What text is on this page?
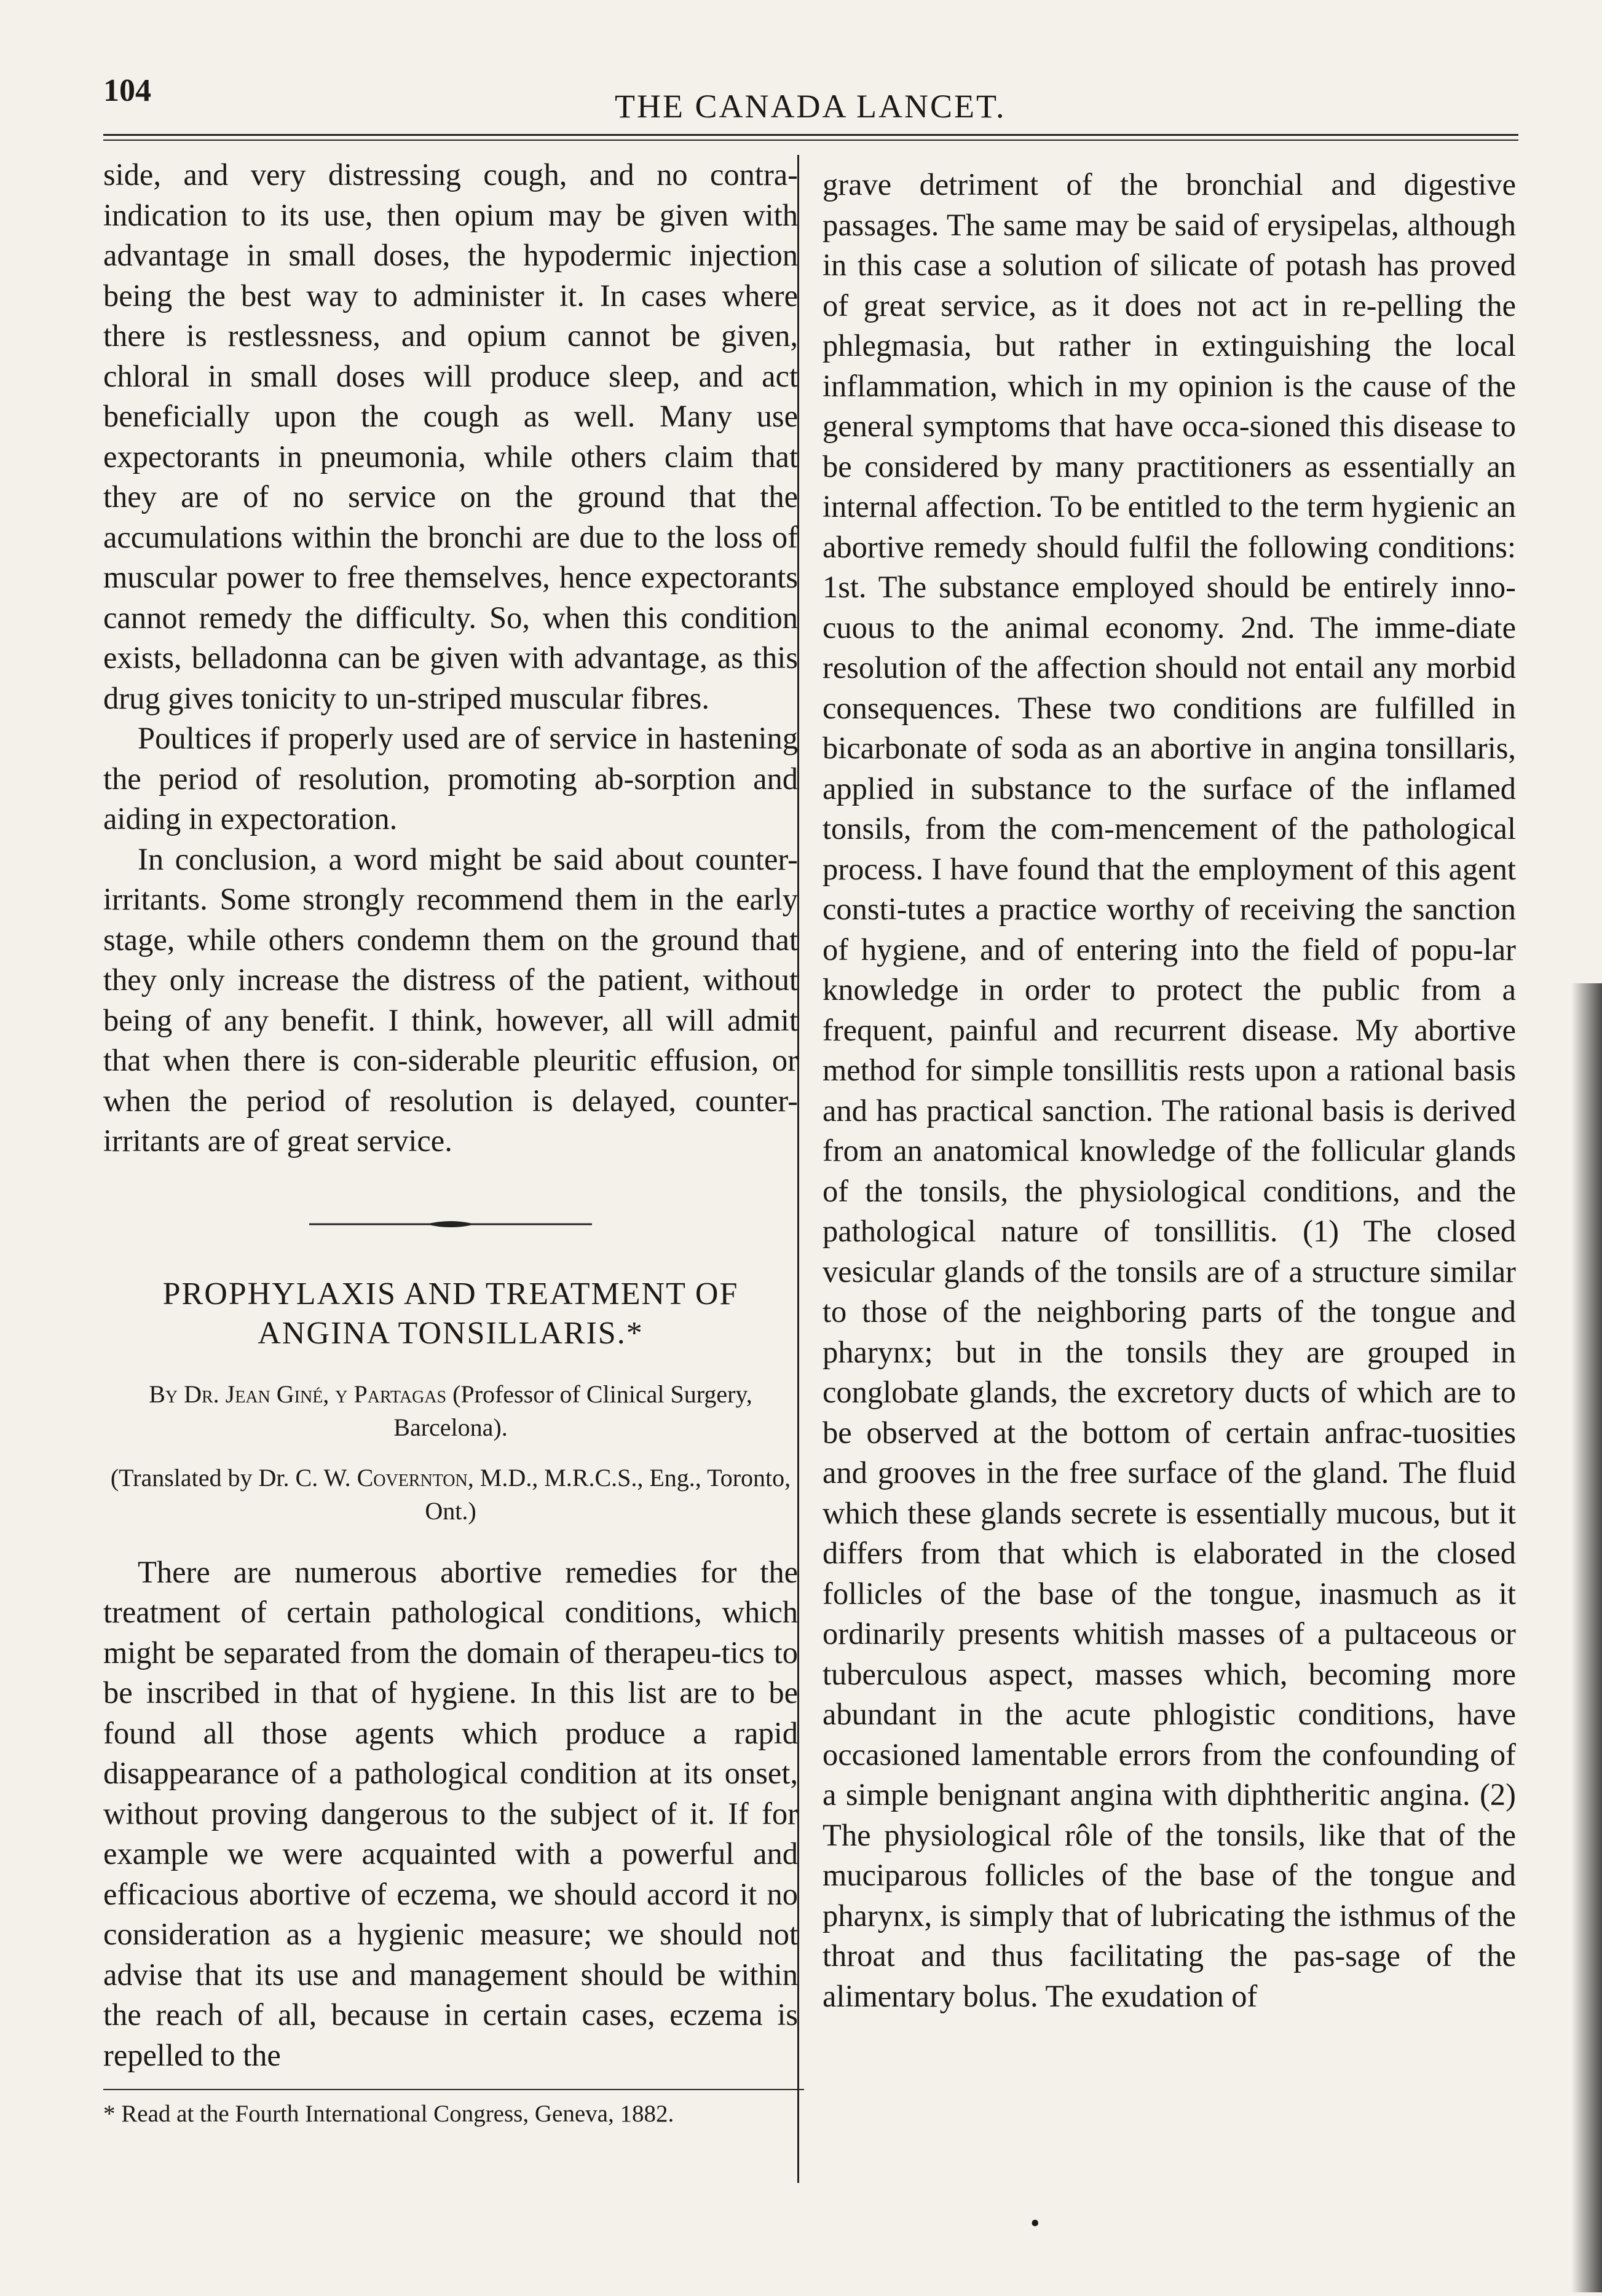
104	THE CANADA LANCET.

side, and very distressing cough, and no contra-indication to its use, then opium may be given with advantage in small doses, the hypodermic injection being the best way to administer it. In cases where there is restlessness, and opium cannot be given, chloral in small doses will produce sleep, and act beneficially upon the cough as well. Many use expectorants in pneumonia, while others claim that they are of no service on the ground that the accumulations within the bronchi are due to the loss of muscular power to free themselves, hence expectorants cannot remedy the difficulty. So, when this condition exists, belladonna can be given with advantage, as this drug gives tonicity to un-striped muscular fibres.

Poultices if properly used are of service in hastening the period of resolution, promoting ab-sorption and aiding in expectoration.

In conclusion, a word might be said about counter-irritants. Some strongly recommend them in the early stage, while others condemn them on the ground that they only increase the distress of the patient, without being of any benefit. I think, however, all will admit that when there is con-siderable pleuritic effusion, or when the period of resolution is delayed, counter-irritants are of great service.

PROPHYLAXIS AND TREATMENT OF
ANGINA TONSILLARIS.*
By Dr. Jean Giné, y Partagas (Professor of Clinical Surgery, Barcelona).
(Translated by Dr. C. W. Covernton, M.D., M.R.C.S., Eng., Toronto, Ont.)

There are numerous abortive remedies for the treatment of certain pathological conditions, which might be separated from the domain of therapeu-tics to be inscribed in that of hygiene. In this list are to be found all those agents which produce a rapid disappearance of a pathological condition at its onset, without proving dangerous to the subject of it. If for example we were acquainted with a powerful and efficacious abortive of eczema, we should accord it no consideration as a hygienic measure; we should not advise that its use and management should be within the reach of all, because in certain cases, eczema is repelled to the

* Read at the Fourth International Congress, Geneva, 1882.

grave detriment of the bronchial and digestive passages. The same may be said of erysipelas, although in this case a solution of silicate of potash has proved of great service, as it does not act in re-pelling the phlegmasia, but rather in extinguishing the local inflammation, which in my opinion is the cause of the general symptoms that have occa-sioned this disease to be considered by many practitioners as essentially an internal affection. To be entitled to the term hygienic an abortive remedy should fulfil the following conditions: 1st. The substance employed should be entirely inno-cuous to the animal economy. 2nd. The imme-diate resolution of the affection should not entail any morbid consequences. These two conditions are fulfilled in bicarbonate of soda as an abortive in angina tonsillaris, applied in substance to the surface of the inflamed tonsils, from the com-mencement of the pathological process. I have found that the employment of this agent consti-tutes a practice worthy of receiving the sanction of hygiene, and of entering into the field of popu-lar knowledge in order to protect the public from a frequent, painful and recurrent disease. My abortive method for simple tonsillitis rests upon a rational basis and has practical sanction. The rational basis is derived from an anatomical knowledge of the follicular glands of the tonsils, the physiological conditions, and the pathological nature of tonsillitis. (1) The closed vesicular glands of the tonsils are of a structure similar to those of the neighboring parts of the tongue and pharynx; but in the tonsils they are grouped in conglobate glands, the excretory ducts of which are to be observed at the bottom of certain anfrac-tuosities and grooves in the free surface of the gland. The fluid which these glands secrete is essentially mucous, but it differs from that which is elaborated in the closed follicles of the base of the tongue, inasmuch as it ordinarily presents whitish masses of a pultaceous or tuberculous aspect, masses which, becoming more abundant in the acute phlogistic conditions, have occasioned lamentable errors from the confounding of a simple benignant angina with diphtheritic angina. (2) The physiological rôle of the tonsils, like that of the muciparous follicles of the base of the tongue and pharynx, is simply that of lubricating the isthmus of the throat and thus facilitating the pas-sage of the alimentary bolus. The exudation of

•
